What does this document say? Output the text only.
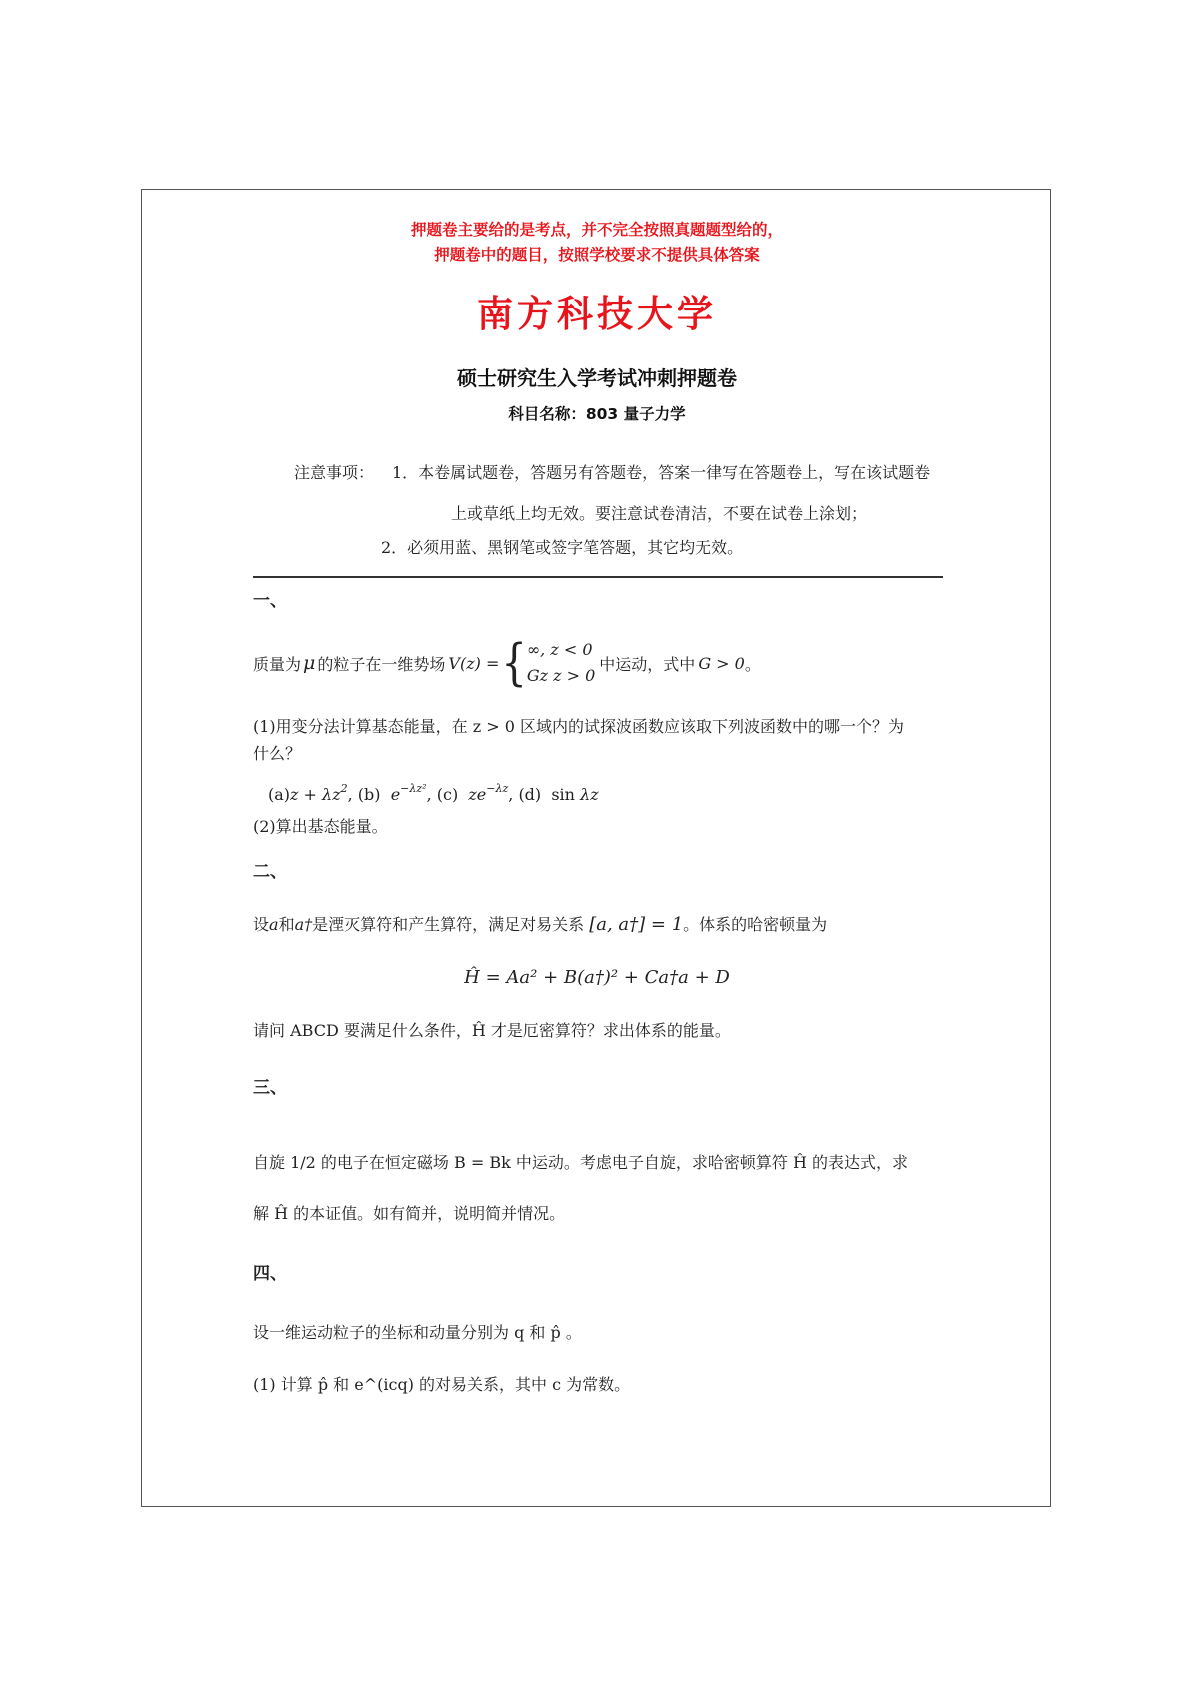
押题卷主要给的是考点，并不完全按照真题题型给的，
押题卷中的题目，按照学校要求不提供具体答案
南方科技大学
硕士研究生入学考试冲刺押题卷
科目名称：803 量子力学
注意事项： 1．本卷属试题卷，答题另有答题卷，答案一律写在答题卷上，写在该试题卷
上或草纸上均无效。要注意试卷清洁，不要在试卷上涂划；
2．必须用蓝、黑钢笔或签字笔答题，其它均无效。
一、
质量为 μ 的粒子在一维势场 V(z) = { ∞, z < 0
Gz z > 0
中运动，式中 G > 0 。
(1)用变分法计算基态能量，在 z > 0 区域内的试探波函数应该取下列波函数中的哪一个？为
什么？
$(a)z + \lambda z^2$, (b)  $e^{-\lambda z^2}$, (c)  $ze^{-\lambda z}$, (d)  sin λz
(2)算出基态能量。
二、
设a和a†是湮灭算符和产生算符，满足对易关系 [a, a†] = 1。体系的哈密顿量为
Ĥ = Aa² + B(a†)² + Ca†a + D
请问 ABCD 要满足什么条件，Ĥ 才是厄密算符？求出体系的能量。
三、
自旋 1/2 的电子在恒定磁场 B = Bk 中运动。考虑电子自旋，求哈密顿算符 Ĥ 的表达式，求
解 Ĥ 的本证值。如有简并，说明简并情况。
四、
设一维运动粒子的坐标和动量分别为 q 和 p̂ 。
(1) 计算 p̂ 和 e^(icq) 的对易关系，其中 c 为常数。
